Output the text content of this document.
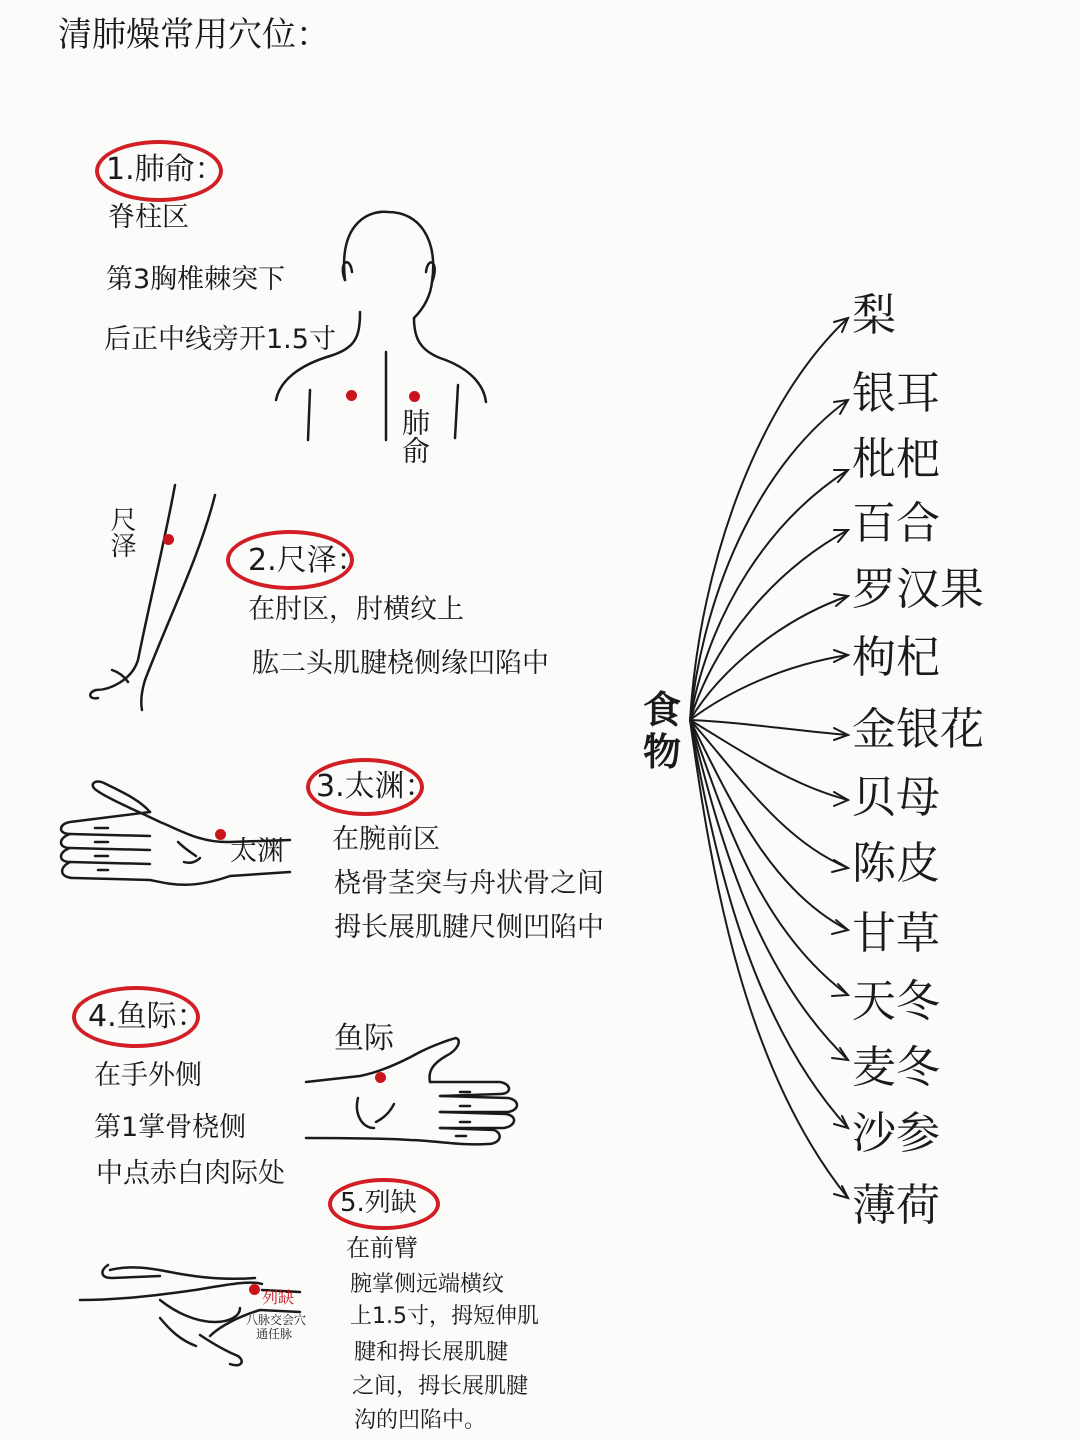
清肺燥常用穴位：
1.肺俞：
脊柱区
第3胸椎棘突下
后正中线旁开1.5寸
肺俞
尺泽
2.尺泽：
在肘区，肘横纹上
肱二头肌腱桡侧缘凹陷中
3.太渊：
太渊 在腕前区
桡骨茎突与舟状骨之间
拇长展肌腱尺侧凹陷中
4.鱼际：
在手外侧
第1掌骨桡侧
中点赤白肉际处
鱼际
5.列缺
在前臂
腕掌侧远端横纹
上1.5寸，拇短伸肌
腱和拇长展肌腱
之间，拇长展肌腱
沟的凹陷中。
列缺
八脉交会穴
通任脉
食物
梨
银耳
枇杷
百合
罗汉果
枸杞
金银花
贝母
陈皮
甘草
天冬
麦冬
沙参
薄荷
